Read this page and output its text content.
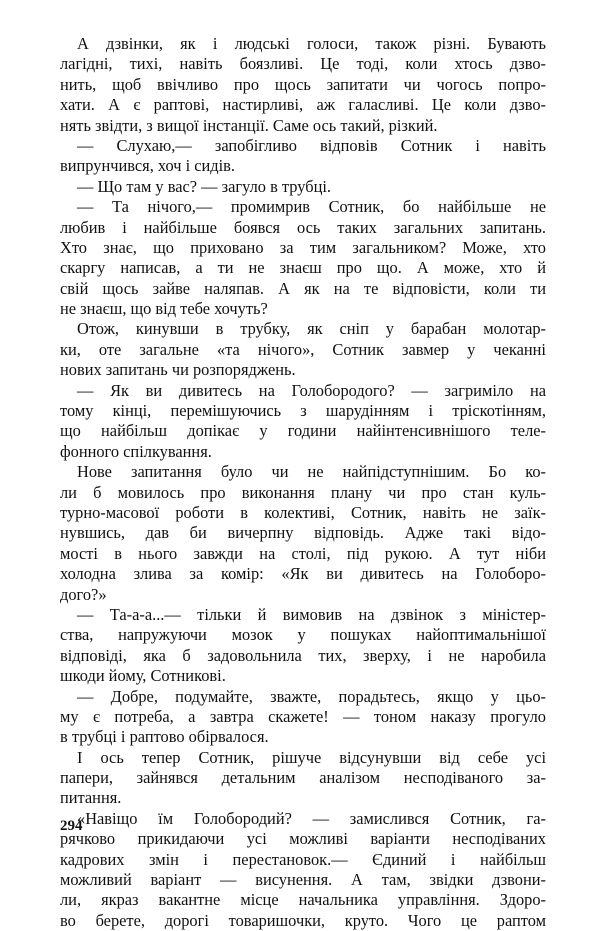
А дзвінки, як і людські голоси, також різні. Бувають
лагідні, тихі, навіть боязливі. Це тоді, коли хтось дзво-
нить, щоб ввічливо про щось запитати чи чогось попро-
хати. А є раптові, настирливі, аж галасливі. Це коли дзво-
нять звідти, з вищої інстанції. Саме ось такий, різкий.
— Слухаю,— запобігливо відповів Сотник і навіть
випрунчився, хоч і сидів.
— Що там у вас? — загуло в трубці.
— Та нічого,— промимрив Сотник, бо найбільше не
любив і найбільше боявся ось таких загальних запитань.
Хто знає, що приховано за тим загальником? Може, хто
скаргу написав, а ти не знаєш про що. А може, хто й
свій щось зайве наляпав. А як на те відповісти, коли ти
не знаєш, що від тебе хочуть?
Отож, кинувши в трубку, як сніп у барабан молотар-
ки, оте загальне «та нічого», Сотник завмер у чеканні
нових запитань чи розпоряджень.
— Як ви дивитесь на Голобородого? — загриміло на
тому кінці, перемішуючись з шарудінням і тріскотінням,
що найбільш допікає у години найінтенсивнішого теле-
фонного спілкування.
Нове запитання було чи не найпідступнішим. Бо ко-
ли б мовилось про виконання плану чи про стан куль-
турно-масової роботи в колективі, Сотник, навіть не заїк-
нувшись, дав би вичерпну відповідь. Адже такі відо-
мості в нього завжди на столі, під рукою. А тут ніби
холодна злива за комір: «Як ви дивитесь на Голоборо-
дого?»
— Та-а-а...— тільки й вимовив на дзвінок з міністер-
ства, напружуючи мозок у пошуках найоптимальнішої
відповіді, яка б задовольнила тих, зверху, і не наробила
шкоди йому, Сотникові.
— Добре, подумайте, зважте, порадьтесь, якщо у цьо-
му є потреба, а завтра скажете! — тоном наказу прогуло
в трубці і раптово обірвалося.
І ось тепер Сотник, рішуче відсунувши від себе усі
папери, зайнявся детальним аналізом несподіваного за-
питання.
«Навіщо їм Голобородий? — замислився Сотник, га-
рячково прикидаючи усі можливі варіанти несподіваних
кадрових змін і перестановок.— Єдиний і найбільш
можливий варіант — висунення. А там, звідки дзвони-
ли, якраз вакантне місце начальника управління. Здоро-
во берете, дорогі товаришочки, круто. Чого це раптом
294
